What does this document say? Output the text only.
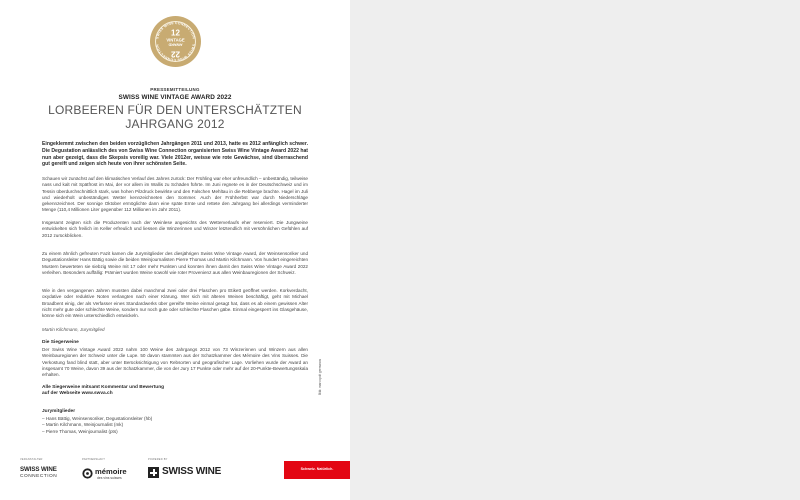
SWISS WINE CONNECTION
SWISS WINE CONNECTION
12
VINTAGE
AWARD
22
PRESSEMITTEILUNG
SWISS WINE VINTAGE AWARD 2022
LORBEEREN FÜR DEN UNTERSCHÄTZTEN
JAHRGANG 2012

Eingeklemmt zwischen den beiden vorzüglichen Jahrgängen 2011 und 2013, hatte es 2012 anfänglich schwer. Die Degustation anlässlich des von Swiss Wine Connection organisierten Swiss Wine Vintage Award 2022 hat nun aber gezeigt, dass die Skepsis voreilig war. Viele 2012er, weisse wie rote Gewächse, sind überraschend gut gereift und zeigen sich heute von ihrer schönsten Seite.

Schauen wir zunächst auf den klimatischen Verlauf des Jahres zurück: Der Frühling war eher unfreundlich – unbeständig, teilweise nass und kalt mit Spätfrost im Mai, der vor allem im Wallis zu Schäden führte. Im Juni regnete es in der Deutschschweiz und im Tessin überdurchschnittlich stark, was hohen Pilzdruck bewirkte und den Falschen Mehltau in die Rebberge brachte. Hagel im Juli und wiederholt unbeständiges Wetter kennzeichneten den Sommer. Auch der Frühherbst war durch Niederschläge gekennzeichnet. Der sonnige Oktober ermöglichte dann eine späte Ernte und rettete den Jahrgang bei allerdings verminderter Menge (110,4 Millionen Liter gegenüber 112 Millionen im Jahr 2011).

Insgesamt zeigten sich die Produzenten nach der Weinlese angesichts des Wetterverlaufs eher reserviert. Die Jungweine entwickelten sich freilich im Keller erfreulich und liessen die Winzerinnen und Winzer letztendlich mit versöhnlichen Gefühlen auf 2012 zurückblicken.

Zu einem ähnlich gefreuten Fazit kamen die Jurymitglieder des diesjährigen Swiss Wine Vintage Award, der Weinsensoriker und Degustationsleiter Hans Bättig sowie die beiden Weinjournalisten Pierre Thomas und Martin Kilchmann. Von hundert eingereichten Mustern bewerteten sie siebzig Weine mit 17 oder mehr Punkten und konnten ihnen damit den Swiss Wine Vintage Award 2022 verleihen. Besonders auffällig: Prämiert wurden Weine sowohl wie roter Provenienz aus allen Weinbauregionen der Schweiz.

Wie in den vergangenen Jahren mussten dabei manchmal zwei oder drei Flaschen pro Etikett geöffnet werden. Korkverdacht, oxydative oder reduktive Noten verlangten nach einer Klärung. Wer sich mit älteren Weinen beschäftigt, geht mit Michael Broadbent einig, der als Verfasser eines Standardwerks über gereifte Weine einmal gesagt hat, dass es ab einem gewissen Alter nicht mehr gute oder schlechte Weine, sondern nur noch gute oder schlechte Flaschen gäbe. Einmal eingesperrt ins Glasgehäuse, könne sich ein Wein unterschiedlich entwickeln.

Martin Kilchmann, Jurymitglied

Die Siegerweine

Der Swiss Wine Vintage Award 2022 nahm 100 Weine des Jahrgangs 2012 von 73 Winzerinnen und Winzern aus allen Weinbauregionen der Schweiz unter die Lupe. 50 davon stammten aus der Schatzkammer des Mémoire des Vins Suisses. Die Verkostung fand blind statt, aber unter Berücksichtigung von Rebsorten und geografischer Lage. Vorliehen wurde der Award an insgesamt 70 Weine, davon 39 aus der Schatzkammer, die von der Jury 17 Punkte oder mehr auf der 20-Punkte-Bewertungsskala erhalten.

Alle Siegerweine mitsamt Kommentar und Bewertung
auf der Webseite www.swva.ch
Jurymitglieder
– Hans Bättig, Weinsensoriker, Degustationsleiter (hb)
– Martin Kilchmann, Weinjournalist (mk)
– Pierre Thomas, Weinjournalist (pts)
Bild: marcopolt germanos
VERANSTALTER	PARTNERSHAFT	POWERED BY
SWISS WINE
CONNECTION	mémoire
des vins suisses
SWISS WINE	Schweiz. Natürlich.
